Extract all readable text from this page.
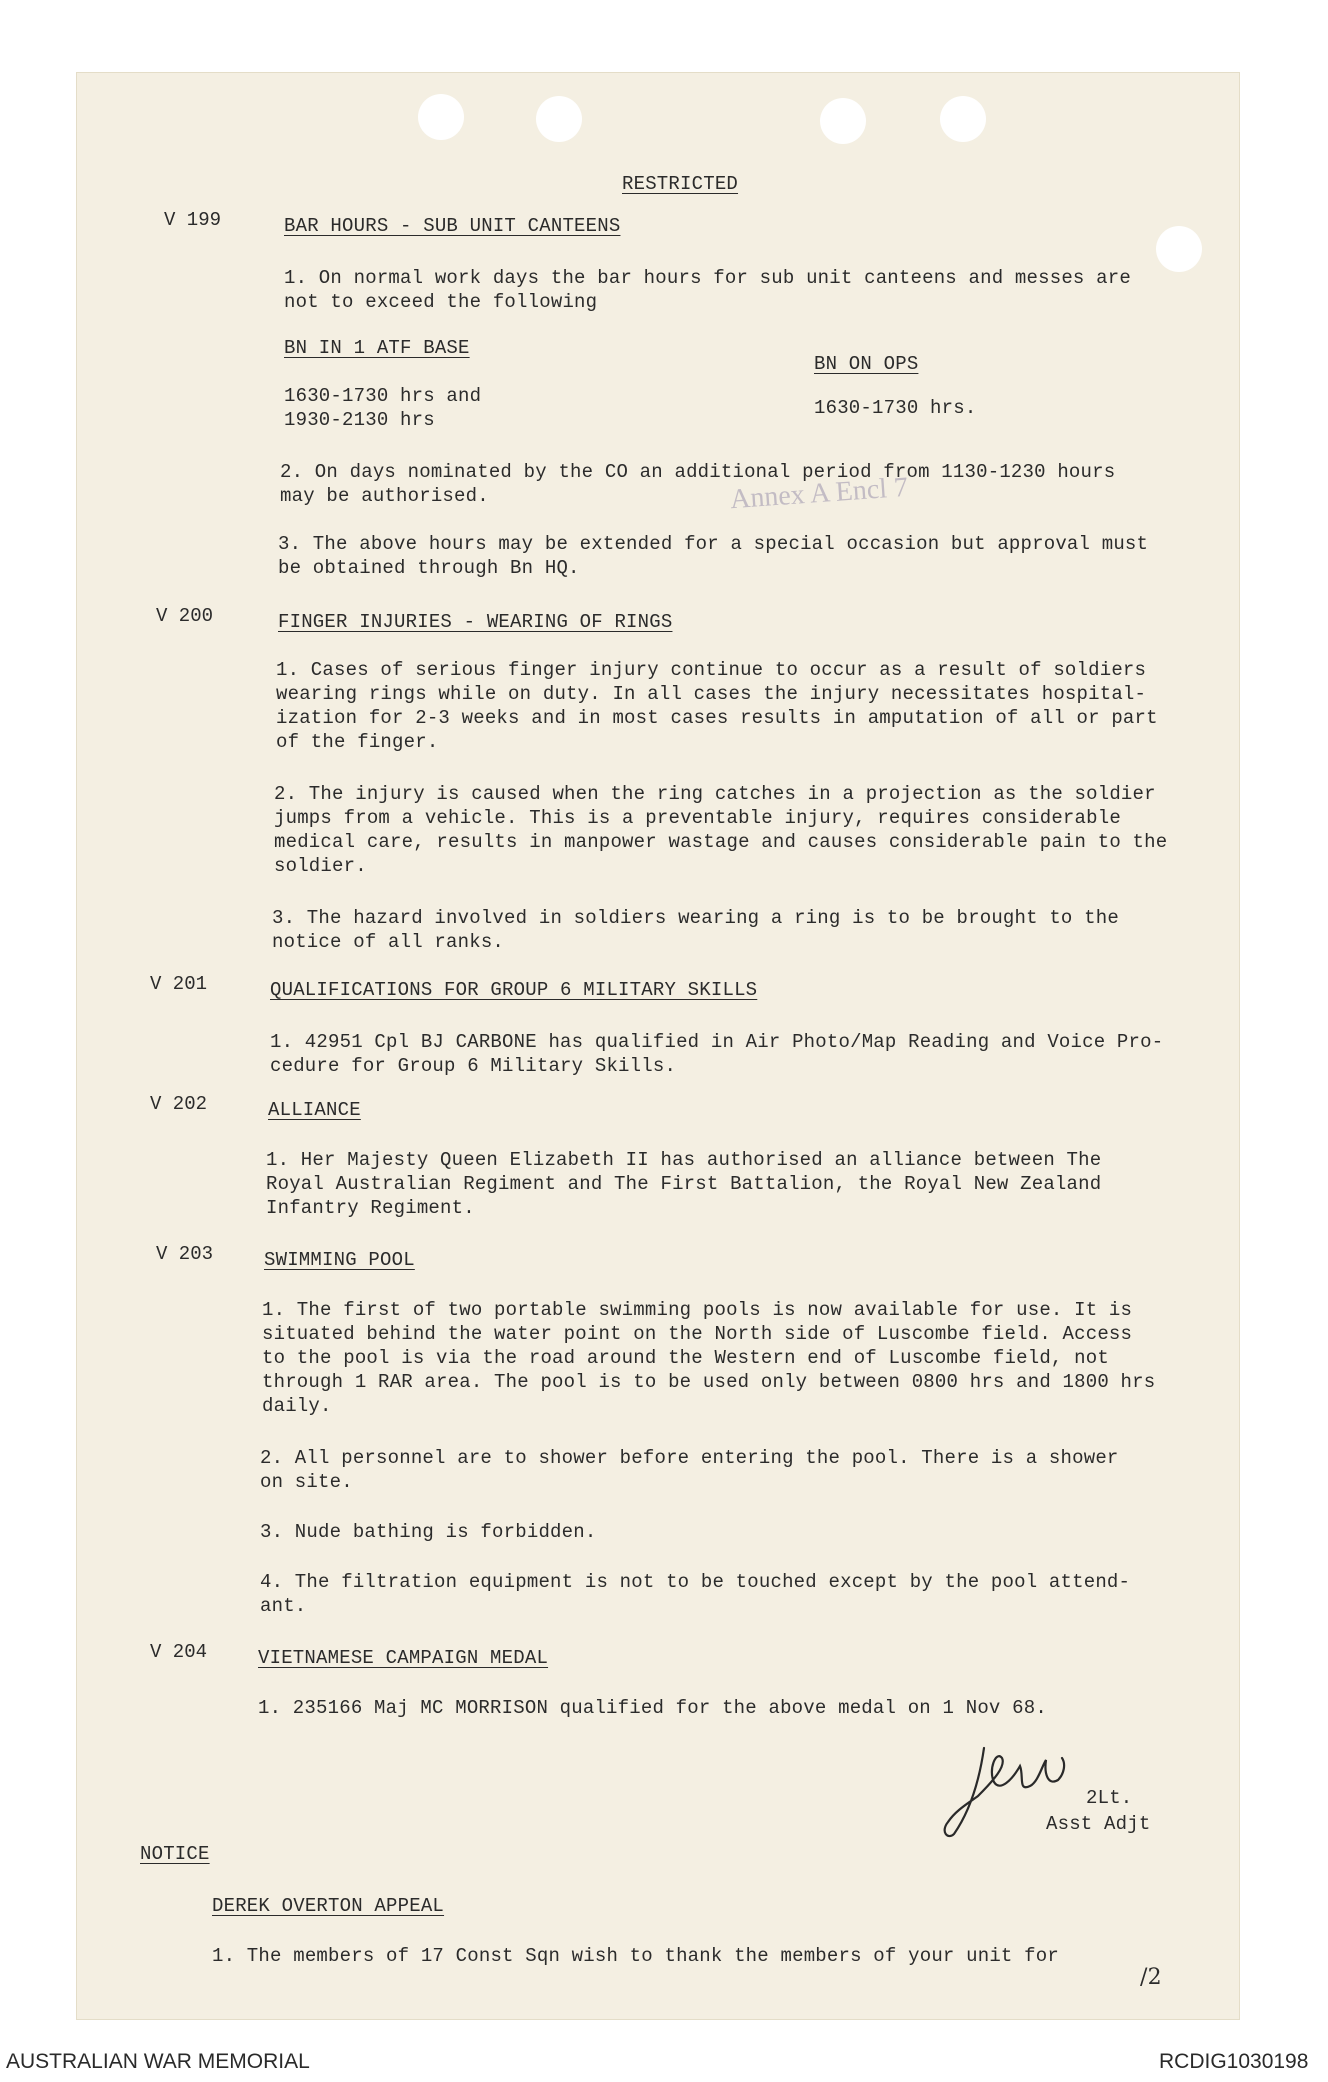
RESTRICTED
V 199	BAR HOURS - SUB UNIT CANTEENS
1. On normal work days the bar hours for sub unit canteens and messes are
not to exceed the following
BN IN 1 ATF BASE
1630-1730 hrs and
1930-2130 hrs
BN ON OPS
1630-1730 hrs.
2. On days nominated by the CO an additional period from 1130-1230 hours
may be authorised.
3. The above hours may be extended for a special occasion but approval must
be obtained through Bn HQ.
Annex A Encl 7
V 200	FINGER INJURIES - WEARING OF RINGS
1. Cases of serious finger injury continue to occur as a result of soldiers
wearing rings while on duty. In all cases the injury necessitates hospital-
ization for 2-3 weeks and in most cases results in amputation of all or part
of the finger.
2. The injury is caused when the ring catches in a projection as the soldier
jumps from a vehicle. This is a preventable injury, requires considerable
medical care, results in manpower wastage and causes considerable pain to the
soldier.
3. The hazard involved in soldiers wearing a ring is to be brought to the
notice of all ranks.
V 201	QUALIFICATIONS FOR GROUP 6 MILITARY SKILLS
1. 42951 Cpl BJ CARBONE has qualified in Air Photo/Map Reading and Voice Pro-
cedure for Group 6 Military Skills.
V 202	ALLIANCE
1. Her Majesty Queen Elizabeth II has authorised an alliance between The
Royal Australian Regiment and The First Battalion, the Royal New Zealand
Infantry Regiment.
V 203	SWIMMING POOL
1. The first of two portable swimming pools is now available for use. It is
situated behind the water point on the North side of Luscombe field. Access
to the pool is via the road around the Western end of Luscombe field, not
through 1 RAR area. The pool is to be used only between 0800 hrs and 1800 hrs
daily.
2. All personnel are to shower before entering the pool. There is a shower
on site.
3. Nude bathing is forbidden.
4. The filtration equipment is not to be touched except by the pool attend-
ant.
V 204	VIETNAMESE CAMPAIGN MEDAL
1. 235166 Maj MC MORRISON qualified for the above medal on 1 Nov 68.
2Lt.
Asst Adjt
NOTICE
DEREK OVERTON APPEAL
1. The members of 17 Const Sqn wish to thank the members of your unit for
/2
AUSTRALIAN WAR MEMORIAL	RCDIG1030198
